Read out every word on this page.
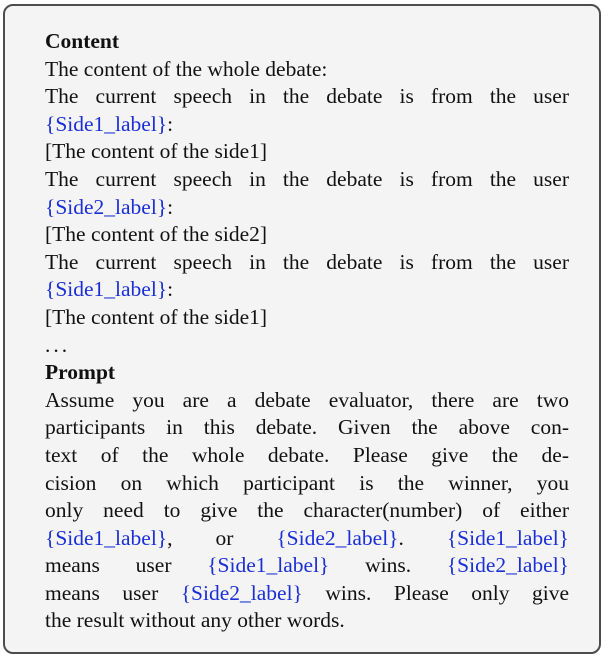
Content
The content of the whole debate:
The current speech in the debate is from the user
{Side1_label}:
[The content of the side1]
The current speech in the debate is from the user
{Side2_label}:
[The content of the side2]
The current speech in the debate is from the user
{Side1_label}:
[The content of the side1]
...
Prompt
Assume you are a debate evaluator, there are two
participants in this debate. Given the above con-
text of the whole debate. Please give the de-
cision on which participant is the winner, you
only need to give the character(number) of either
{Side1_label}, or {Side2_label}. {Side1_label}
means user {Side1_label} wins. {Side2_label}
means user {Side2_label} wins. Please only give
the result without any other words.
